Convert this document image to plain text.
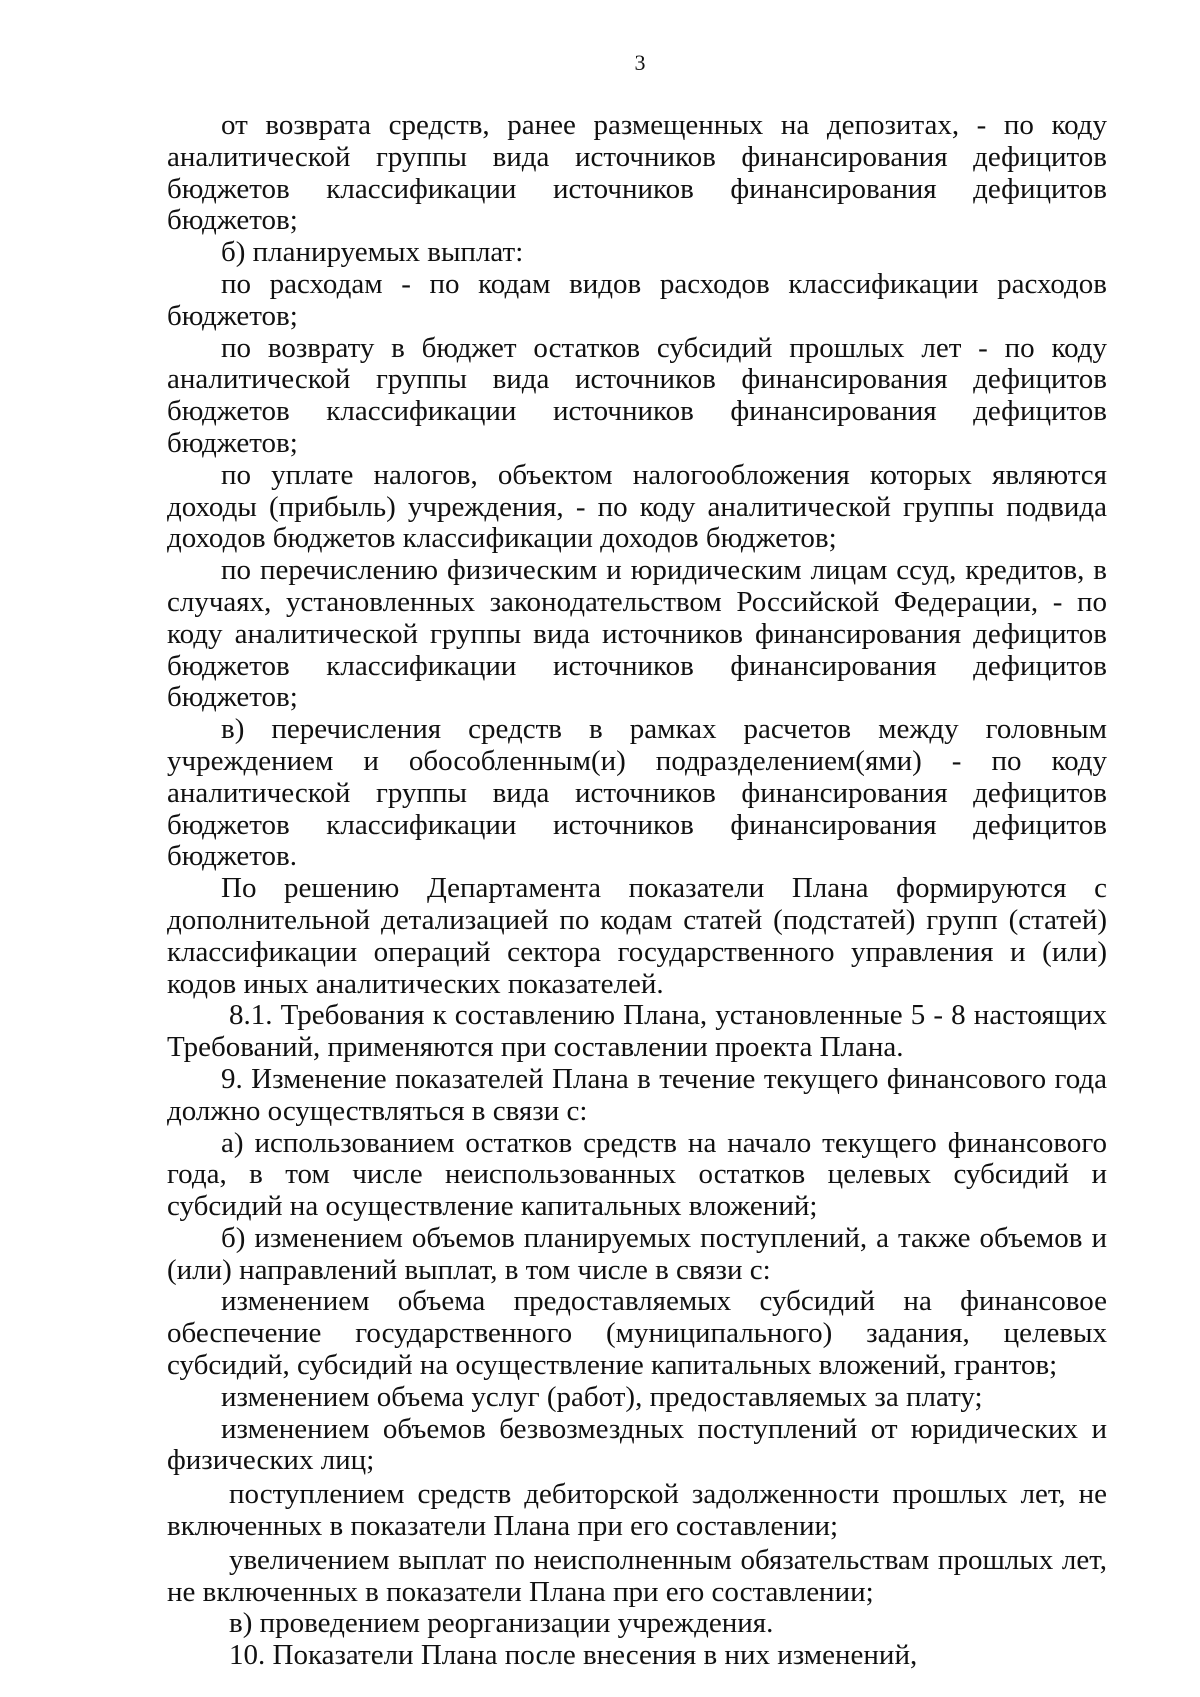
3

от возврата средств, ранее размещенных на депозитах, - по коду аналитической группы вида источников финансирования дефицитов бюджетов классификации источников финансирования дефицитов бюджетов;

б) планируемых выплат:

по расходам - по кодам видов расходов классификации расходов бюджетов;

по возврату в бюджет остатков субсидий прошлых лет - по коду аналитической группы вида источников финансирования дефицитов бюджетов классификации источников финансирования дефицитов бюджетов;

по уплате налогов, объектом налогообложения которых являются доходы (прибыль) учреждения, - по коду аналитической группы подвида доходов бюджетов классификации доходов бюджетов;

по перечислению физическим и юридическим лицам ссуд, кредитов, в случаях, установленных законодательством Российской Федерации, - по коду аналитической группы вида источников финансирования дефицитов бюджетов классификации источников финансирования дефицитов бюджетов;

в) перечисления средств в рамках расчетов между головным учреждением и обособленным(и) подразделением(ями) - по коду аналитической группы вида источников финансирования дефицитов бюджетов классификации источников финансирования дефицитов бюджетов.

По решению Департамента показатели Плана формируются с дополнительной детализацией по кодам статей (подстатей) групп (статей) классификации операций сектора государственного управления и (или) кодов иных аналитических показателей.

8.1. Требования к составлению Плана, установленные 5 - 8 настоящих Требований, применяются при составлении проекта Плана.

9. Изменение показателей Плана в течение текущего финансового года должно осуществляться в связи с:

а) использованием остатков средств на начало текущего финансового года, в том числе неиспользованных остатков целевых субсидий и субсидий на осуществление капитальных вложений;

б) изменением объемов планируемых поступлений, а также объемов и (или) направлений выплат, в том числе в связи с:

изменением объема предоставляемых субсидий на финансовое обеспечение государственного (муниципального) задания, целевых субсидий, субсидий на осуществление капитальных вложений, грантов;

изменением объема услуг (работ), предоставляемых за плату;

изменением объемов безвозмездных поступлений от юридических и физических лиц;

поступлением средств дебиторской задолженности прошлых лет, не включенных в показатели Плана при его составлении;

увеличением выплат по неисполненным обязательствам прошлых лет, не включенных в показатели Плана при его составлении;

в) проведением реорганизации учреждения.

10. Показатели Плана после внесения в них изменений,
